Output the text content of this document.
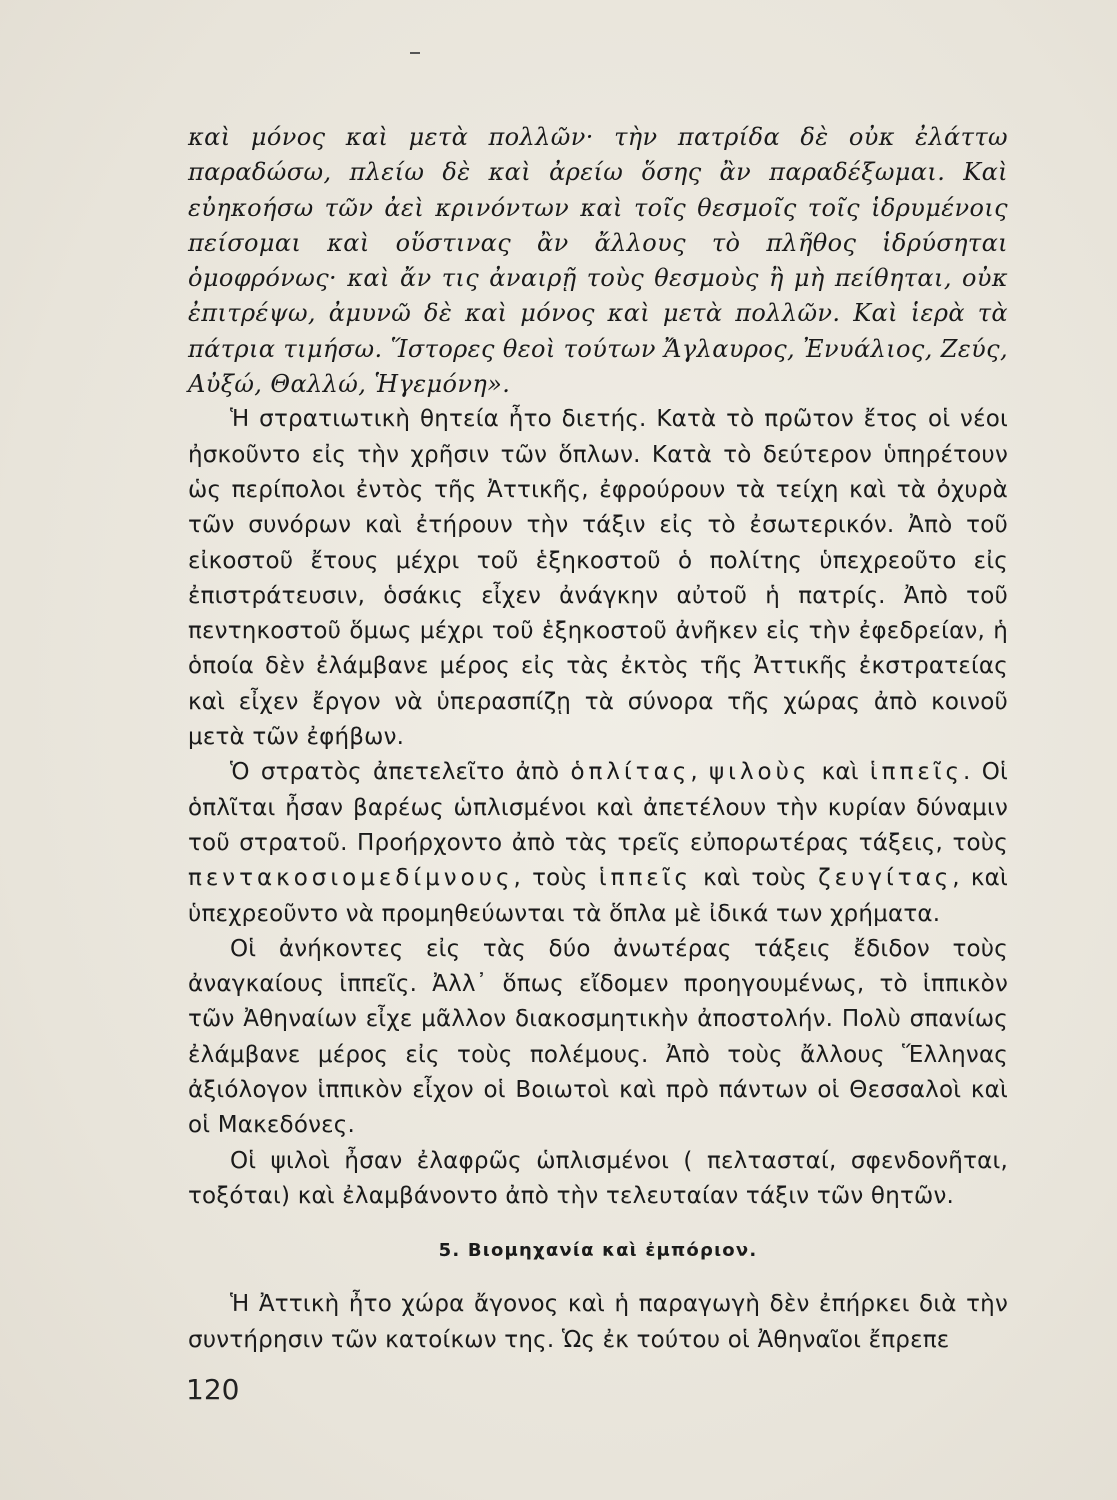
καὶ μόνος καὶ μετὰ πολλῶν· τὴν πατρίδα δὲ οὐκ ἐλάττω παραδώσω, πλείω δὲ καὶ ἀρείω ὅσης ἂν παραδέξωμαι. Καὶ εὐηκοήσω τῶν ἀεὶ κρινόντων καὶ τοῖς θεσμοῖς τοῖς ἱδρυμένοις πείσομαι καὶ οὕστινας ἂν ἄλλους τὸ πλῆθος ἱδρύσηται ὁμοφρόνως· καὶ ἄν τις ἀναιρῇ τοὺς θεσμοὺς ἢ μὴ πείθηται, οὐκ ἐπιτρέψω, ἀμυνῶ δὲ καὶ μόνος καὶ μετὰ πολλῶν. Καὶ ἱερὰ τὰ πάτρια τιμήσω. Ἵστορες θεοὶ τούτων Ἄγλαυρος, Ἐνυάλιος, Ζεύς, Αὐξώ, Θαλλώ, Ἡγεμόνη».

Ἡ στρατιωτικὴ θητεία ἦτο διετής. Κατὰ τὸ πρῶτον ἔτος οἱ νέοι ἠσκοῦντο εἰς τὴν χρῆσιν τῶν ὅπλων. Κατὰ τὸ δεύτερον ὑπηρέτουν ὡς περίπολοι ἐντὸς τῆς Ἀττικῆς, ἐφρούρουν τὰ τείχη καὶ τὰ ὀχυρὰ τῶν συνόρων καὶ ἐτήρουν τὴν τάξιν εἰς τὸ ἐσωτερικόν. Ἀπὸ τοῦ εἰκοστοῦ ἔτους μέχρι τοῦ ἑξηκοστοῦ ὁ πολίτης ὑπεχρεοῦτο εἰς ἐπιστράτευσιν, ὁσάκις εἶχεν ἀνάγκην αὐτοῦ ἡ πατρίς. Ἀπὸ τοῦ πεντηκοστοῦ ὅμως μέχρι τοῦ ἑξηκοστοῦ ἀνῆκεν εἰς τὴν ἐφεδρείαν, ἡ ὁποία δὲν ἐλάμβανε μέρος εἰς τὰς ἐκτὸς τῆς Ἀττικῆς ἐκστρατείας καὶ εἶχεν ἔργον νὰ ὑπερασπίζῃ τὰ σύνορα τῆς χώρας ἀπὸ κοινοῦ μετὰ τῶν ἐφήβων.

Ὁ στρατὸς ἀπετελεῖτο ἀπὸ ὁπλίτας, ψιλοὺς καὶ ἱππεῖς. Οἱ ὁπλῖται ἦσαν βαρέως ὡπλισμένοι καὶ ἀπετέλουν τὴν κυρίαν δύναμιν τοῦ στρατοῦ. Προήρχοντο ἀπὸ τὰς τρεῖς εὐπορωτέρας τάξεις, τοὺς πεντακοσιομεδίμνους, τοὺς ἱππεῖς καὶ τοὺς ζευγίτας, καὶ ὑπεχρεοῦντο νὰ προμηθεύωνται τὰ ὅπλα μὲ ἰδικά των χρήματα.

Οἱ ἀνήκοντες εἰς τὰς δύο ἀνωτέρας τάξεις ἔδιδον τοὺς ἀναγκαίους ἱππεῖς. Ἀλλ᾽ ὅπως εἴδομεν προηγουμένως, τὸ ἱππικὸν τῶν Ἀθηναίων εἶχε μᾶλλον διακοσμητικὴν ἀποστολήν. Πολὺ σπανίως ἐλάμβανε μέρος εἰς τοὺς πολέμους. Ἀπὸ τοὺς ἄλλους Ἕλληνας ἀξιόλογον ἱππικὸν εἶχον οἱ Βοιωτοὶ καὶ πρὸ πάντων οἱ Θεσσαλοὶ καὶ οἱ Μακεδόνες.

Οἱ ψιλοὶ ἦσαν ἐλαφρῶς ὡπλισμένοι ( πελτασταί, σφενδονῆται, τοξόται) καὶ ἐλαμβάνοντο ἀπὸ τὴν τελευταίαν τάξιν τῶν θητῶν.

5. Βιομηχανία καὶ ἐμπόριον.

Ἡ Ἀττικὴ ἦτο χώρα ἄγονος καὶ ἡ παραγωγὴ δὲν ἐπήρκει διὰ τὴν συντήρησιν τῶν κατοίκων της. Ὡς ἐκ τούτου οἱ Ἀθηναῖοι ἔπρεπε

120
